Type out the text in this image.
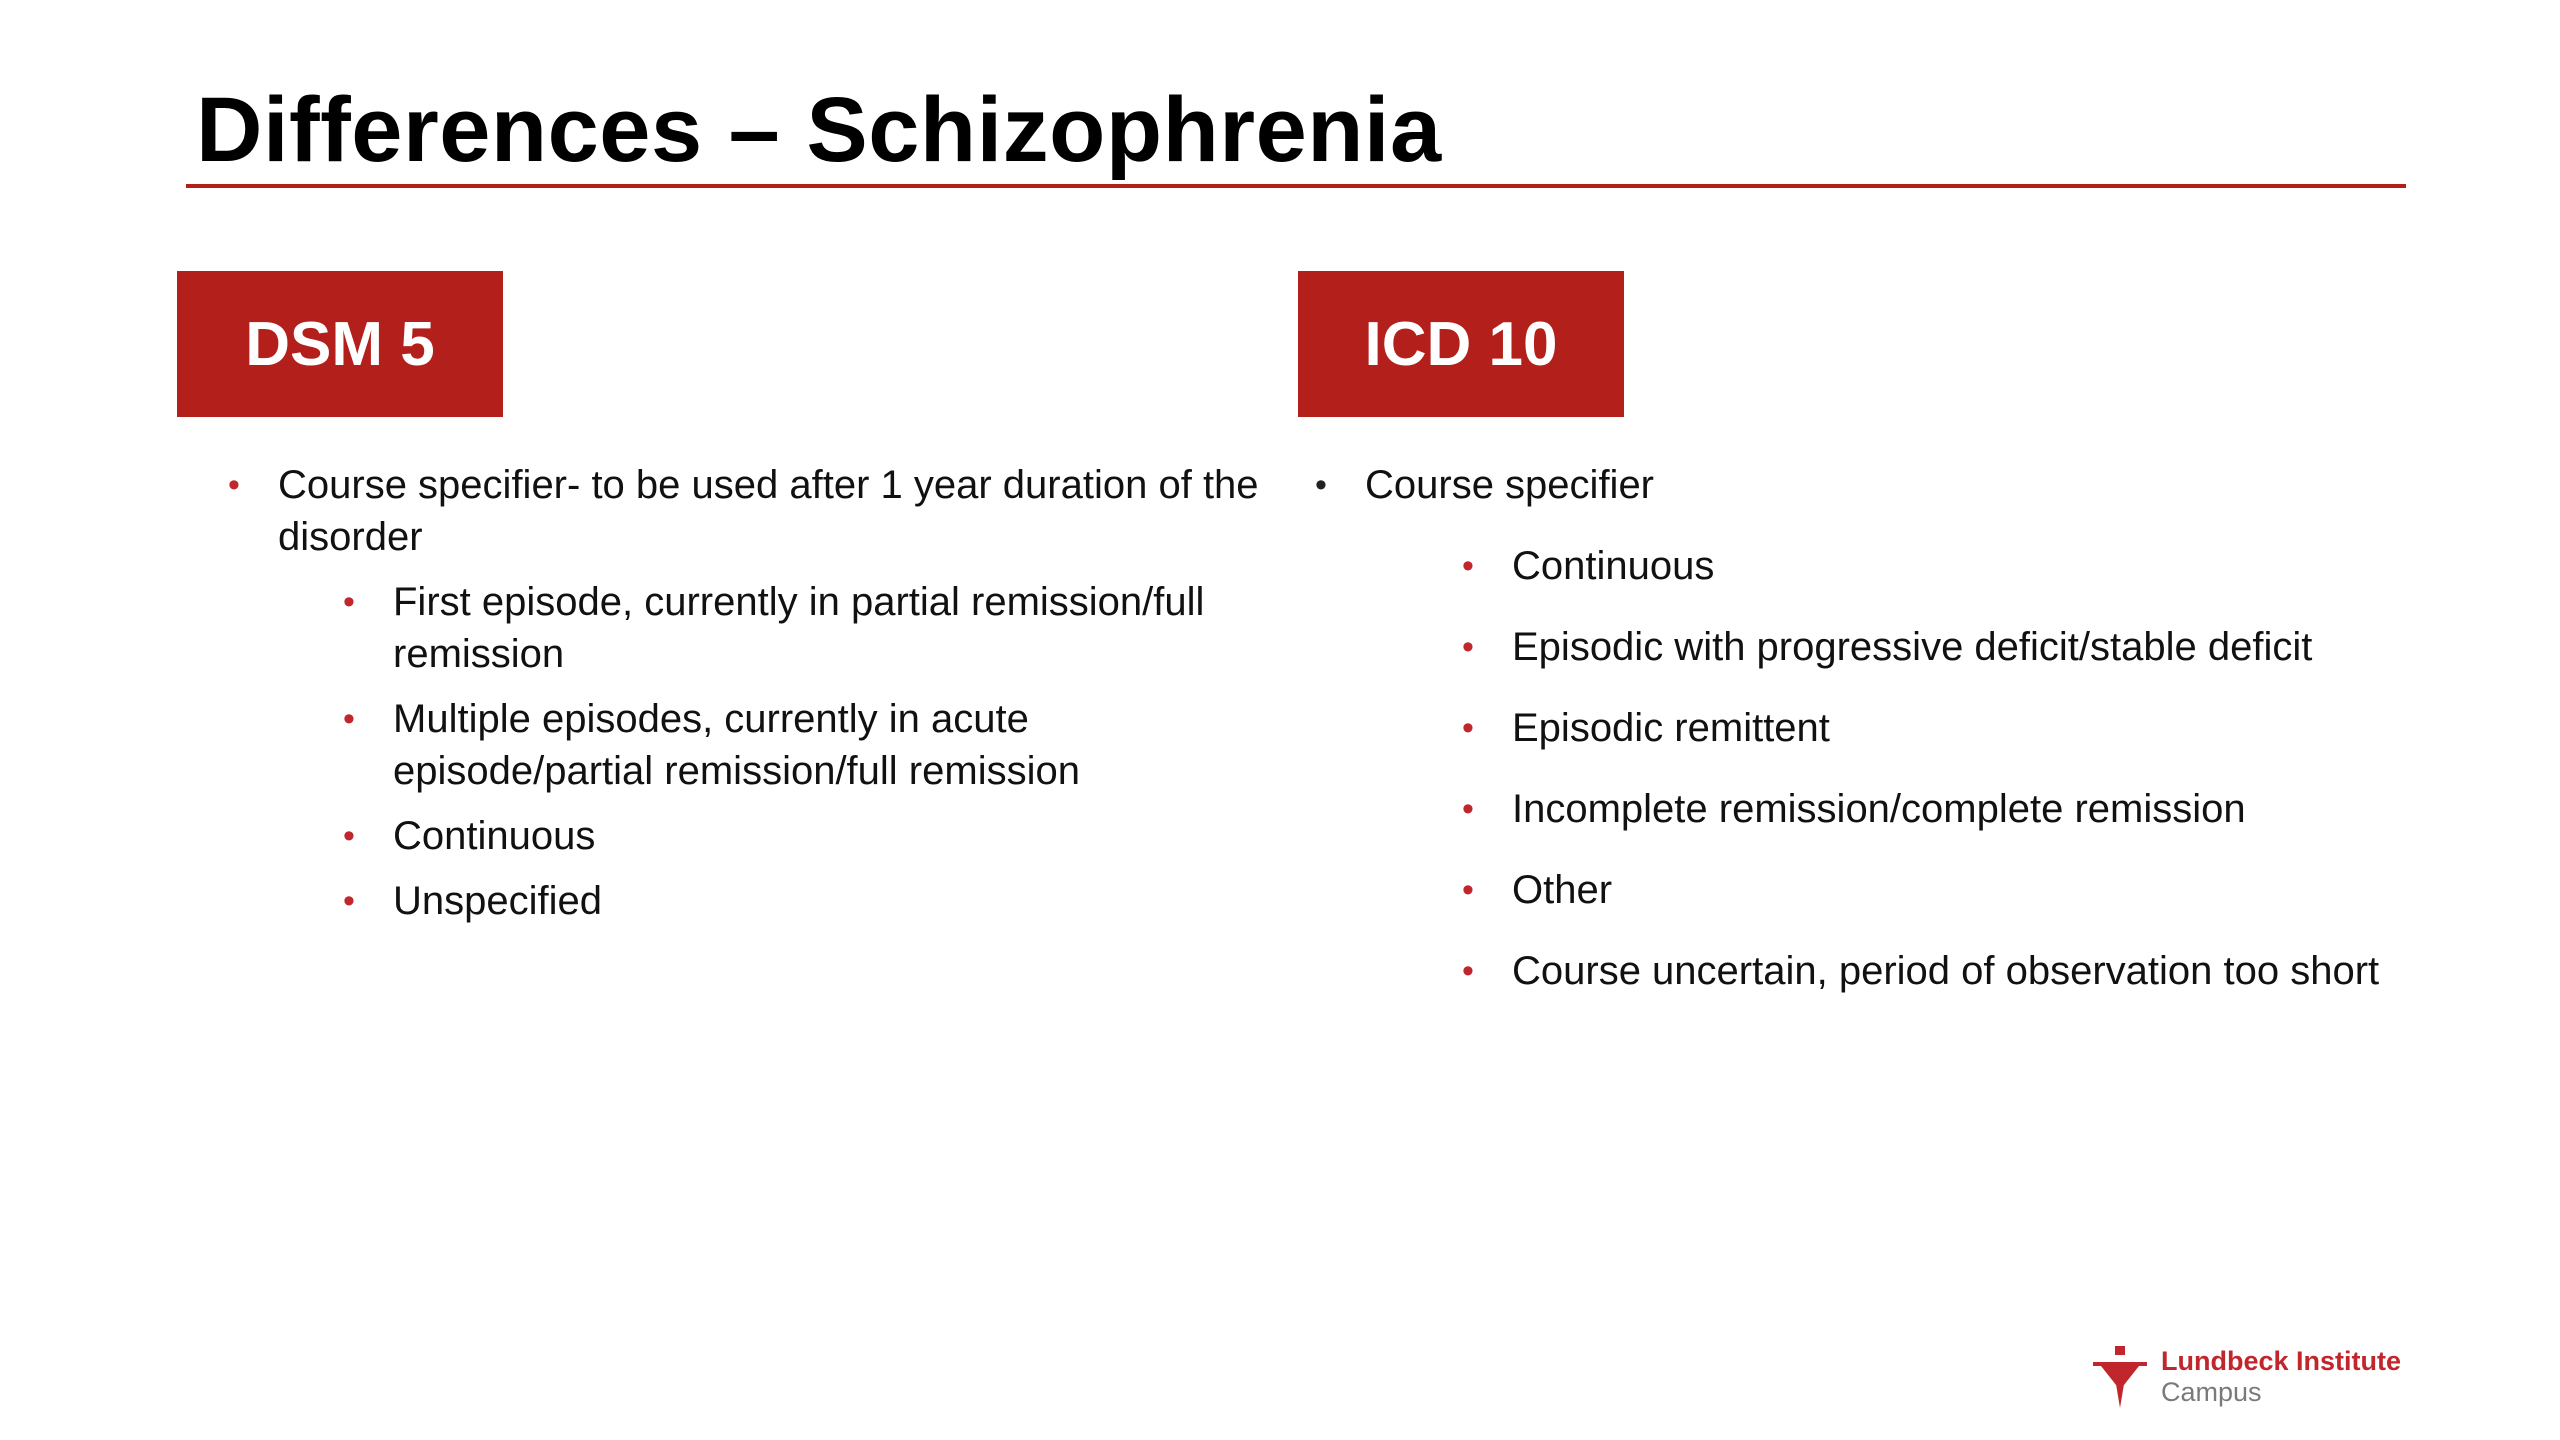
Differences – Schizophrenia
DSM 5	ICD 10
• Course specifier- to be used after 1 year duration of the disorder
• First episode, currently in partial remission/full remission
• Multiple episodes, currently in acute episode/partial remission/full remission
• Continuous
• Unspecified
• Course specifier
• Continuous
• Episodic with progressive deficit/stable deficit
• Episodic remittent
• Incomplete remission/complete remission
• Other
• Course uncertain, period of observation too short
Lundbeck Institute
Campus
